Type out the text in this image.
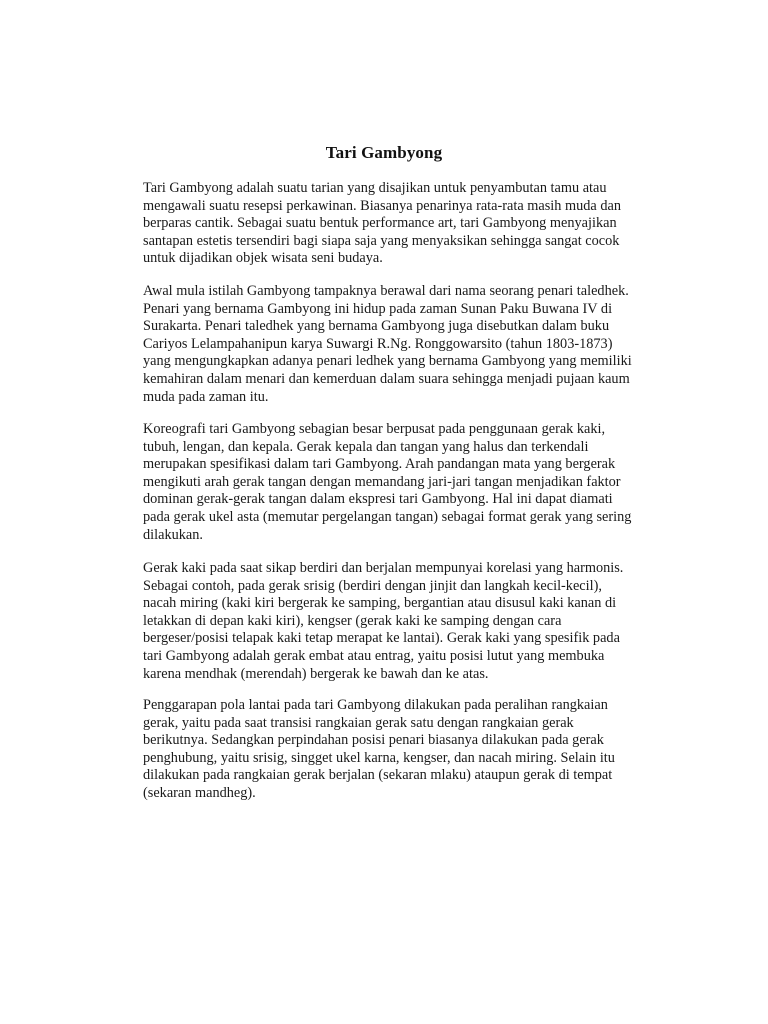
Tari Gambyong

Tari Gambyong adalah suatu tarian yang disajikan untuk penyambutan tamu atau
mengawali suatu resepsi perkawinan. Biasanya penarinya rata-rata masih muda dan
berparas cantik. Sebagai suatu bentuk performance art, tari Gambyong menyajikan
santapan estetis tersendiri bagi siapa saja yang menyaksikan sehingga sangat cocok
untuk dijadikan objek wisata seni budaya.

Awal mula istilah Gambyong tampaknya berawal dari nama seorang penari taledhek.
Penari yang bernama Gambyong ini hidup pada zaman Sunan Paku Buwana IV di
Surakarta. Penari taledhek yang bernama Gambyong juga disebutkan dalam buku
Cariyos Lelampahanipun karya Suwargi R.Ng. Ronggowarsito (tahun 1803-1873)
yang mengungkapkan adanya penari ledhek yang bernama Gambyong yang memiliki
kemahiran dalam menari dan kemerduan dalam suara sehingga menjadi pujaan kaum
muda pada zaman itu.

Koreografi tari Gambyong sebagian besar berpusat pada penggunaan gerak kaki,
tubuh, lengan, dan kepala. Gerak kepala dan tangan yang halus dan terkendali
merupakan spesifikasi dalam tari Gambyong. Arah pandangan mata yang bergerak
mengikuti arah gerak tangan dengan memandang jari-jari tangan menjadikan faktor
dominan gerak-gerak tangan dalam ekspresi tari Gambyong. Hal ini dapat diamati
pada gerak ukel asta (memutar pergelangan tangan) sebagai format gerak yang sering
dilakukan.

Gerak kaki pada saat sikap berdiri dan berjalan mempunyai korelasi yang harmonis.
Sebagai contoh, pada gerak srisig (berdiri dengan jinjit dan langkah kecil-kecil),
nacah miring (kaki kiri bergerak ke samping, bergantian atau disusul kaki kanan di
letakkan di depan kaki kiri), kengser (gerak kaki ke samping dengan cara
bergeser/posisi telapak kaki tetap merapat ke lantai). Gerak kaki yang spesifik pada
tari Gambyong adalah gerak embat atau entrag, yaitu posisi lutut yang membuka
karena mendhak (merendah) bergerak ke bawah dan ke atas.

Penggarapan pola lantai pada tari Gambyong dilakukan pada peralihan rangkaian
gerak, yaitu pada saat transisi rangkaian gerak satu dengan rangkaian gerak
berikutnya. Sedangkan perpindahan posisi penari biasanya dilakukan pada gerak
penghubung, yaitu srisig, singget ukel karna, kengser, dan nacah miring. Selain itu
dilakukan pada rangkaian gerak berjalan (sekaran mlaku) ataupun gerak di tempat
(sekaran mandheg).
